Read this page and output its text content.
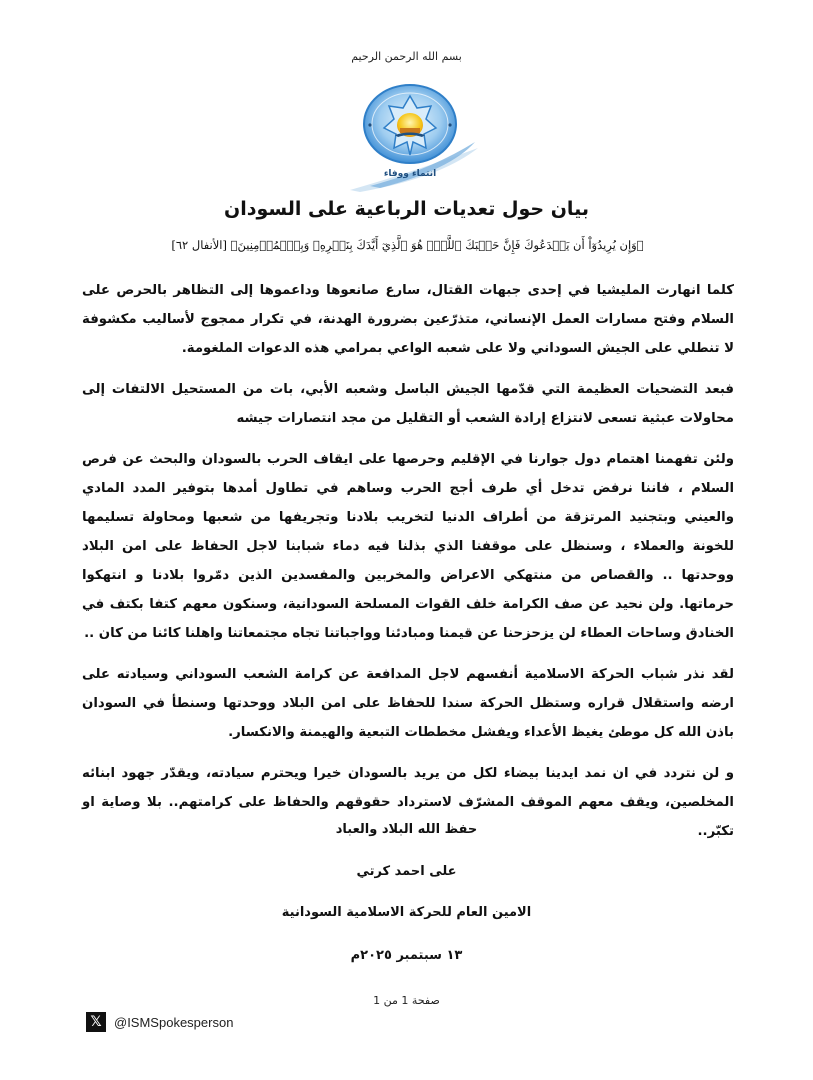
بسم الله الرحمن الرحيم
انتماء ووفاء
بيان حول تعديات الرباعية على السودان
﴿وَإِن يُرِيدُوٓاْ أَن يَخۡدَعُوكَ فَإِنَّ حَسۡبَكَ ٱللَّهُۚ هُوَ ٱلَّذِيٓ أَيَّدَكَ بِنَصۡرِهِۦ وَبِٱلۡمُؤۡمِنِينَ﴾ [الأنفال ٦٢]

كلما انهارت المليشيا في إحدى جبهات القتال، سارع صانعوها وداعموها إلى التظاهر بالحرص على السلام وفتح مسارات العمل الإنساني، متذرّعين بضرورة الهدنة، في تكرار ممجوج لأساليب مكشوفة لا تنطلي على الجيش السوداني ولا على شعبه الواعي بمرامي هذه الدعوات الملغومة.

فبعد التضحيات العظيمة التي قدّمها الجيش الباسل وشعبه الأبي، بات من المستحيل الالتفات إلى محاولات عبثية تسعى لانتزاع إرادة الشعب أو التقليل من مجد انتصارات جيشه

ولئن تفهمنا اهتمام دول جوارنا في الإقليم وحرصها على ايقاف الحرب بالسودان والبحث عن فرص السلام ، فاننا نرفض تدخل أي طرف أجج الحرب وساهم في تطاول أمدها بتوفير المدد المادي والعيني وبتجنيد المرتزقة من أطراف الدنيا لتخريب بلادنا وتجريفها من شعبها ومحاولة تسليمها للخونة والعملاء ، وسنظل على موقفنا الذي بذلنا فيه دماء شبابنا لاجل الحفاظ على امن البلاد ووحدتها .. والقصاص من منتهكي الاعراض والمخربين والمفسدين الذين دمّروا بلادنا و انتهكوا حرماتها. ولن نحيد عن صف الكرامة خلف القوات المسلحة السودانية، وسنكون معهم كتفا بكتف في الخنادق وساحات العطاء لن يزحزحنا عن قيمنا ومبادئنا وواجباتنا تجاه مجتمعاتنا واهلنا كائنا من كان ..

لقد نذر شباب الحركة الاسلامية أنفسهم لاجل المدافعة عن كرامة الشعب السوداني وسيادته على ارضه واستقلال قراره وستظل الحركة سندا للحفاظ على امن البلاد ووحدتها وسنطأ في السودان باذن الله كل موطئ يغيظ الأعداء ويفشل مخططات التبعية والهيمنة والانكسار.

و لن نتردد في ان نمد ايدينا بيضاء لكل من يريد بالسودان خيرا ويحترم سيادته، ويقدّر جهود ابنائه المخلصين، ويقف معهم الموقف المشرّف لاسترداد حقوقهم والحفاظ على كرامتهم.. بلا وصاية او تكبّر..

حفظ الله البلاد والعباد
على احمد كرتي
الامين العام للحركة الاسلامية السودانية
١٣ سبتمبر ٢٠٢٥م
صفحة 1 من 1
𝕏 @ISMSpokesperson
